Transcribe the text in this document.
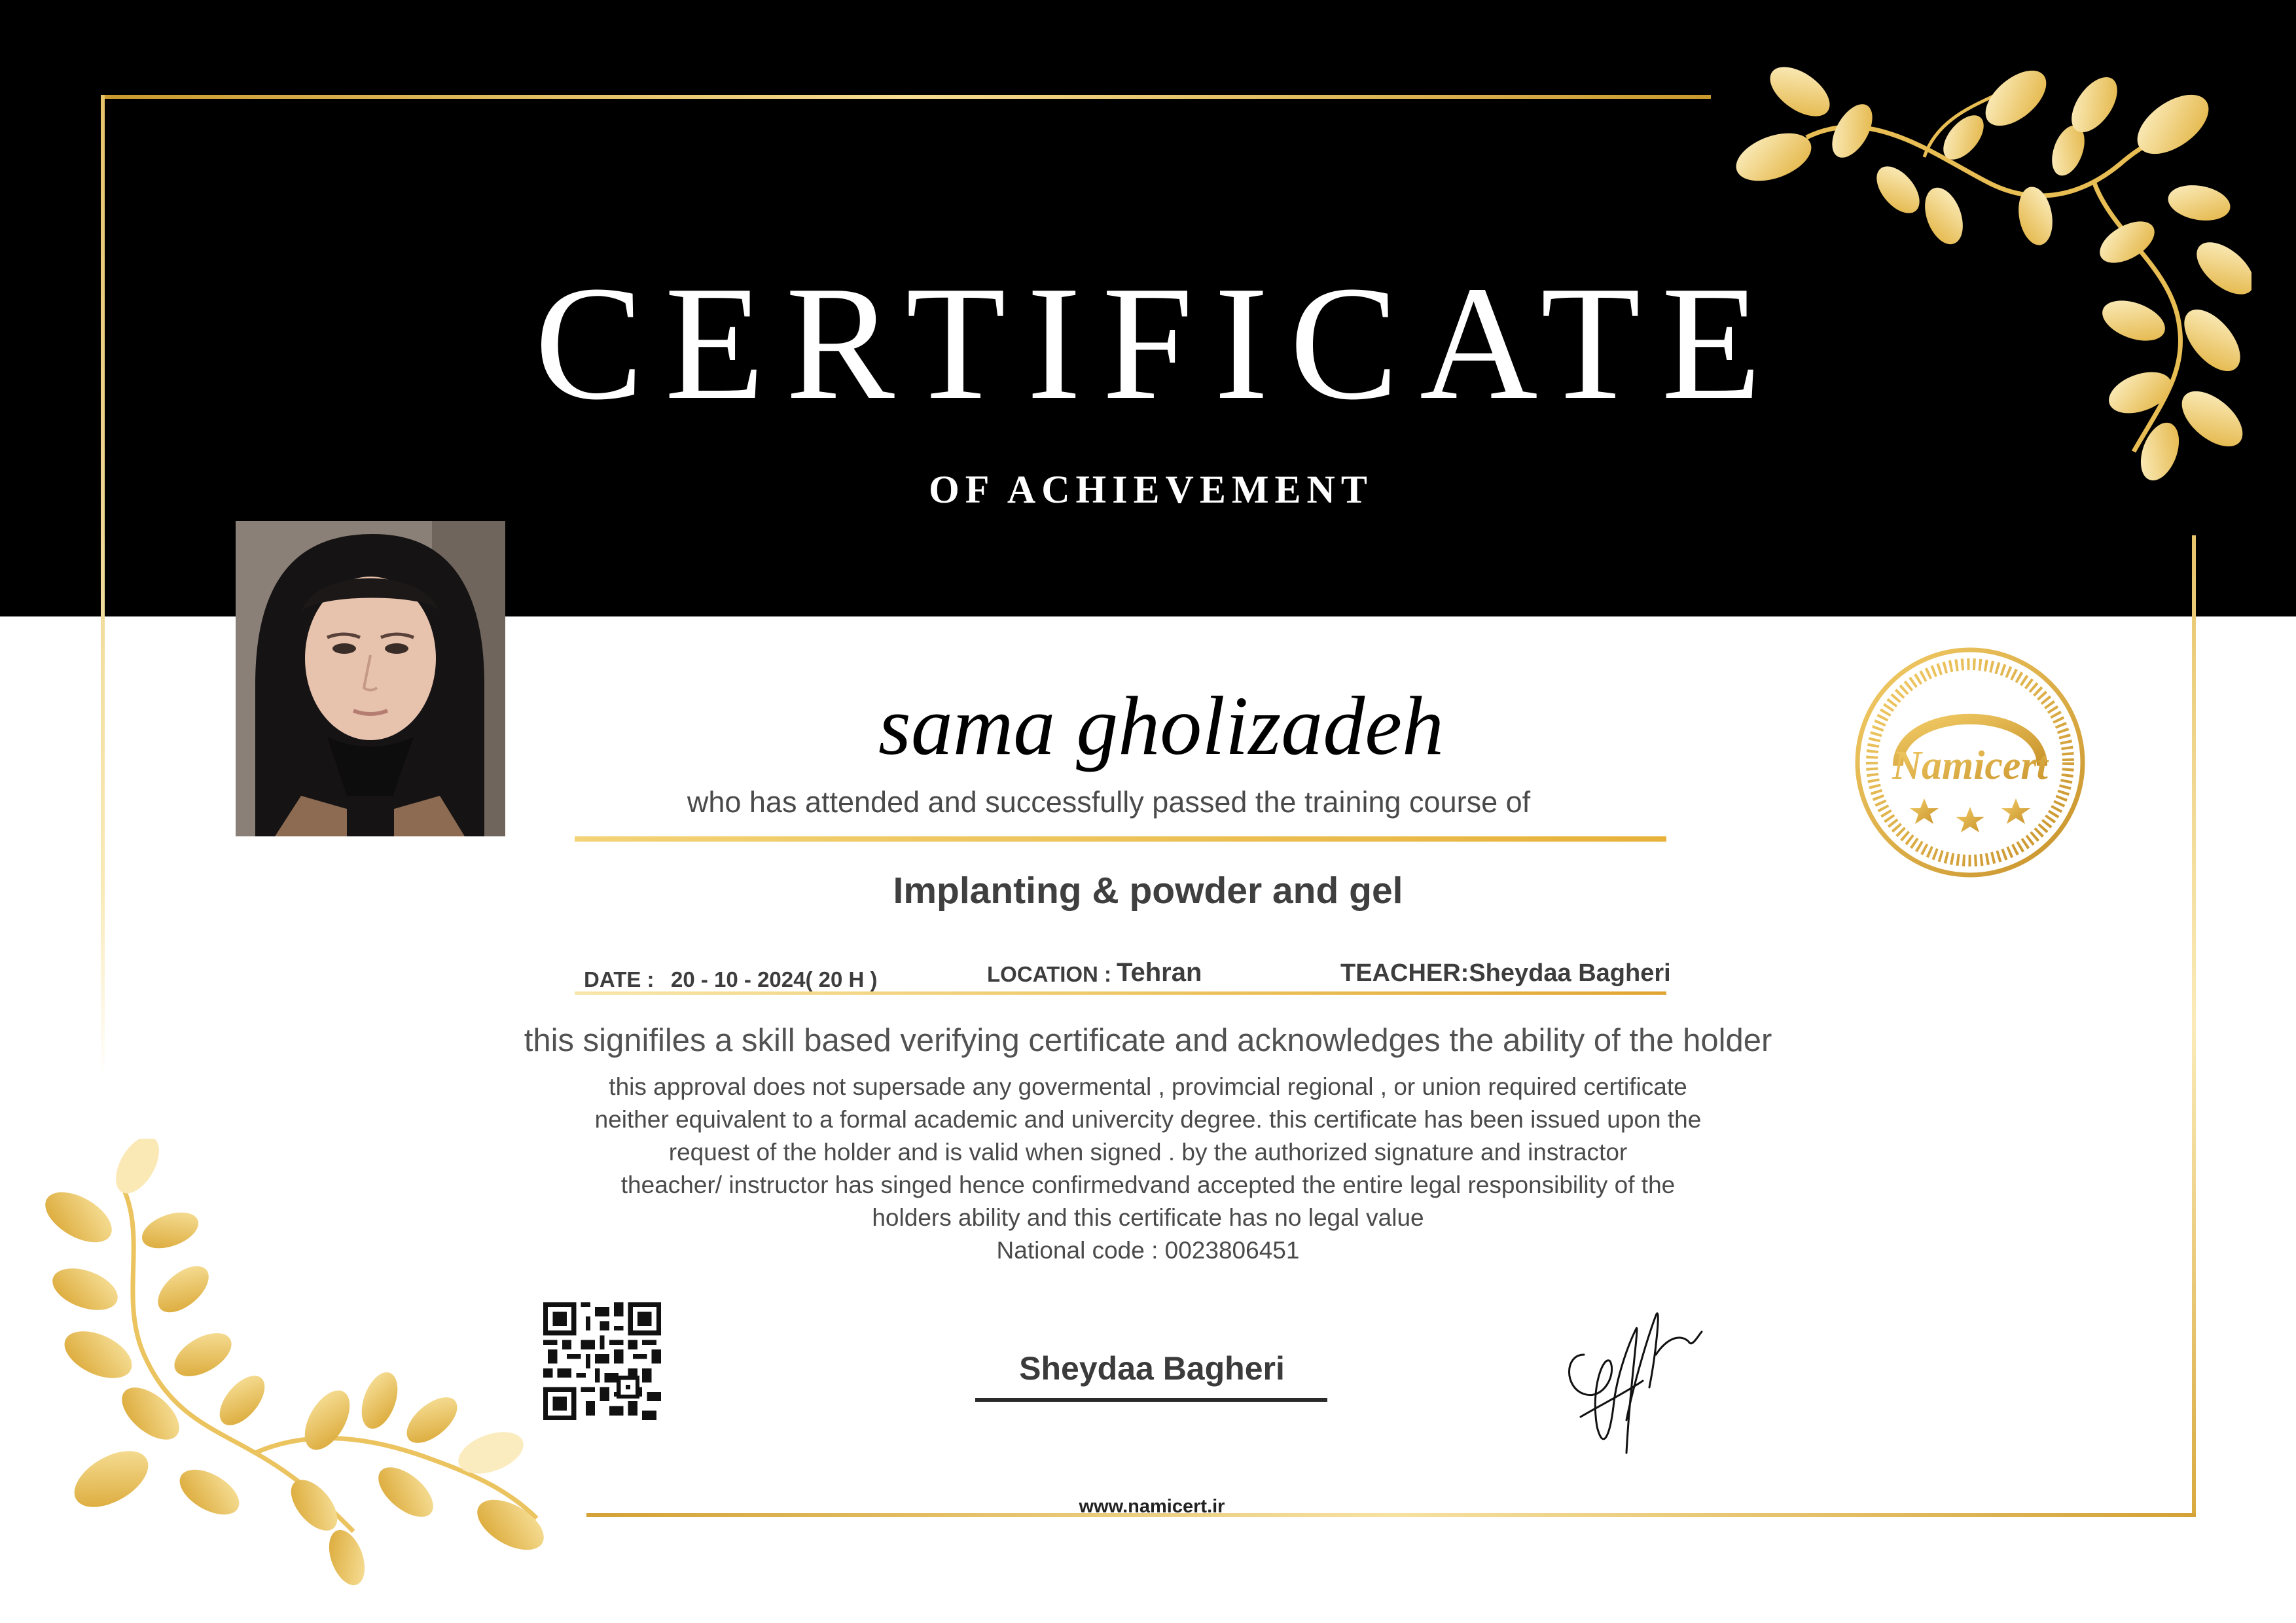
CERTIFICATE
OF ACHIEVEMENT
sama gholizadeh
who has attended and successfully passed the training course of
Implanting & powder and gel
DATE : 20 - 10 - 2024( 20 H )	LOCATION : Tehran	TEACHER:Sheydaa Bagheri
this signifiles a skill based verifying certificate and acknowledges the ability of the holder
this approval does not supersade any govermental , provimcial regional , or union required certificate
neither equivalent to a formal academic and univercity degree. this certificate has been issued upon the
request of the holder and is valid when signed . by the authorized signature and instractor
theacher/ instructor has singed hence confirmedvand accepted the entire legal responsibility of the
holders ability and this certificate has no legal value
National code : 0023806451
Sheydaa Bagheri
Namicert
www.namicert.ir
